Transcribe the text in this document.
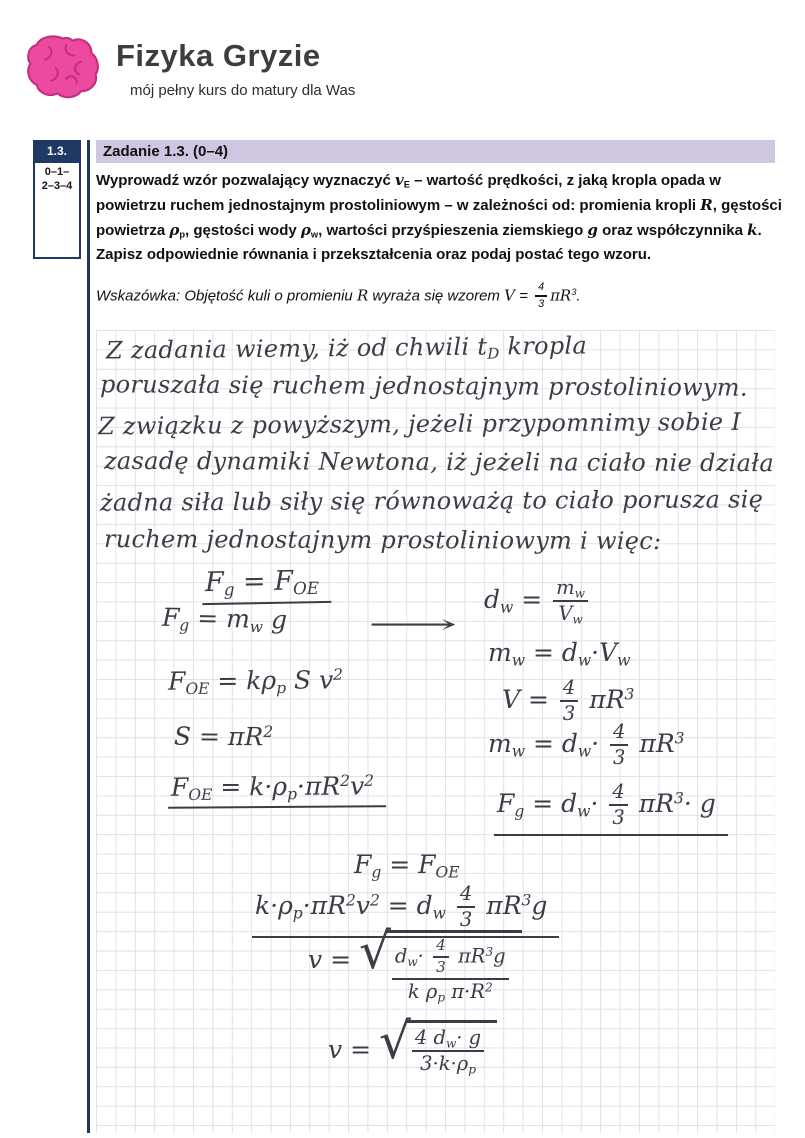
Fizyka Gryzie
mój pełny kurs do matury dla Was
1.3.
0–1–
2–3–4
Zadanie 1.3. (0–4)
Wyprowadź wzór pozwalający wyznaczyć $v_E$ – wartość prędkości, z jaką kropla opada w powietrzu ruchem jednostajnym prostoliniowym – w zależności od: promienia kropli R, gęstości powietrza $\rho_p$, gęstości wody $\rho_w$, wartości przyśpieszenia ziemskiego g oraz współczynnika k.
Zapisz odpowiednie równania i przekształcenia oraz podaj postać tego wzoru.
Wskazówka: Objętość kuli o promieniu R wyraża się wzorem $V = \frac{4}{3} \pi R^3$.
Z zadania wiemy, iż od chwili $t_D$ kropla
poruszała się ruchem jednostajnym prostoliniowym.
Z związku z powyższym, jeżeli przypomnimy sobie I
zasadę dynamiki Newtona, iż jeżeli na ciało nie działa
żadna siła lub siły się równoważą to ciało porusza się
ruchem jednostajnym prostoliniowym i więc:
$F_g = F_{OE}$
$F_g = m_w$ g	⟶
$d_w = \frac{m_w}{V_w}$
$m_w = d_w\cdot V_w$
$F_{OE} = k\rho_p$ S $v^2$
$V = \frac{4}{3} \pi R^3$
$S = \pi R^2$	$m_w = d_w\cdot \frac{4}{3} \pi R^3$
$F_{OE} = k\cdot\rho_p\cdot\pi R^2v^2$
$F_g = d_w\cdot \frac{4}{3} \pi R^3\cdot g$
$F_g = F_{OE}$
$k\cdot\rho_p\cdot\pi R^2v^2 = d_w \frac{4}{3} \pi R^3g$
v = √ $\frac{d_w\cdot \frac{4}{3} \pi R^3g}{k \rho_p \pi\cdot R^2}$
v = √ $\frac{4 d_w\cdot g}{3\cdot k\cdot\rho_p}$
